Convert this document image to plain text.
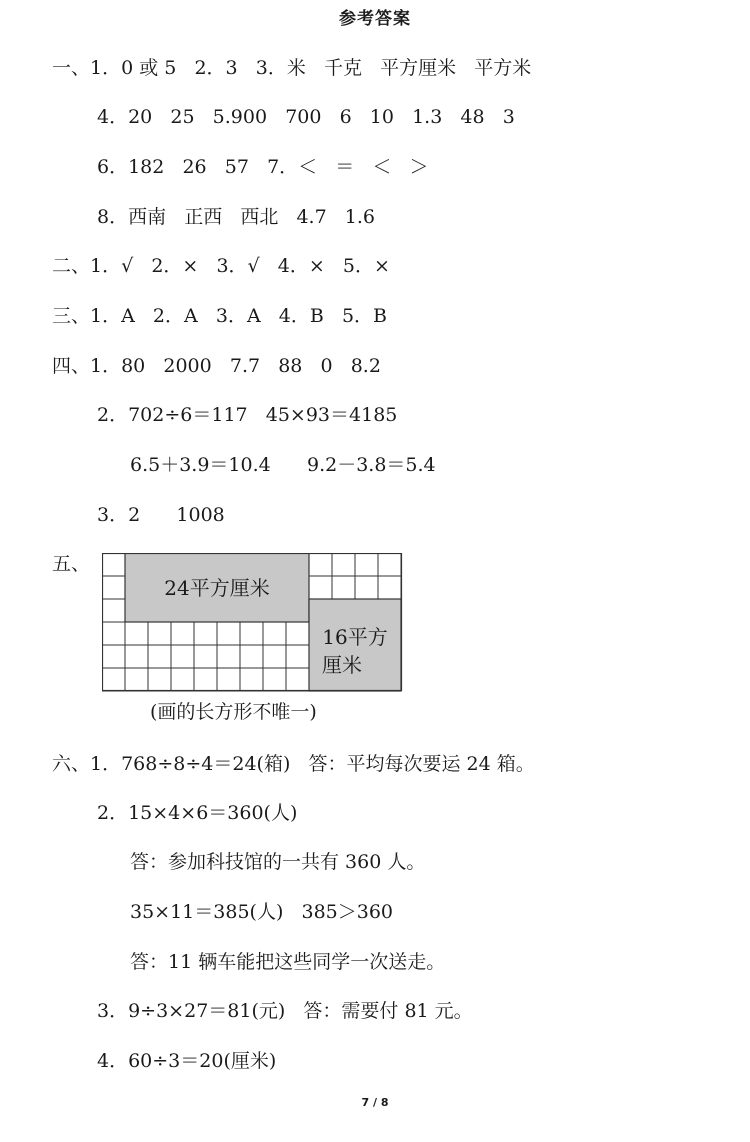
参考答案
一、1．0 或 5   2．3   3．米   千克   平方厘米   平方米
4．20   25   5.900   700   6   10   1.3   48   3
6．182   26   57   7．＜   ＝   ＜   ＞
8．西南   正西   西北   4.7   1.6
二、1．√   2．×   3．√   4．×   5．×
三、1．A   2．A   3．A   4．B   5．B
四、1．80   2000   7.7   88   0   8.2
2．702÷6＝117   45×93＝4185
6.5＋3.9＝10.4      9.2－3.8＝5.4
3．2      1008
五、
24平方厘米
16平方
厘米
(画的长方形不唯一)
六、1．768÷8÷4＝24(箱)   答：平均每次要运 24 箱。
2．15×4×6＝360(人)
答：参加科技馆的一共有 360 人。
35×11＝385(人)   385＞360
答：11 辆车能把这些同学一次送走。
3．9÷3×27＝81(元)   答：需要付 81 元。
4．60÷3＝20(厘米)
7 / 8
